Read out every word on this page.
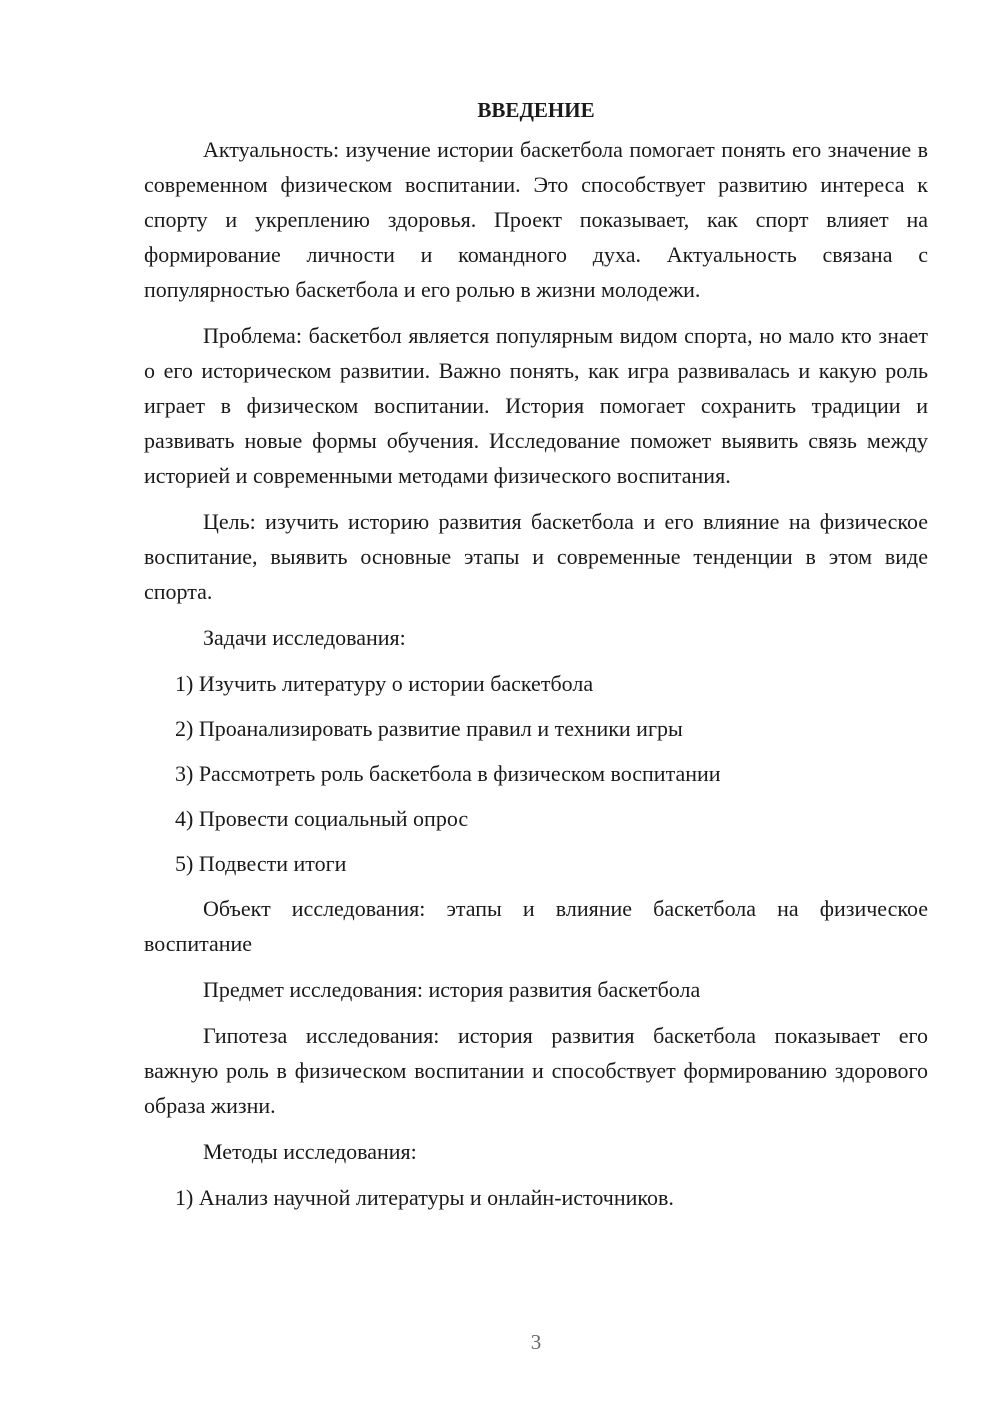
ВВЕДЕНИЕ

Актуальность: изучение истории баскетбола помогает понять его значение в современном физическом воспитании. Это способствует развитию интереса к спорту и укреплению здоровья. Проект показывает, как спорт влияет на формирование личности и командного духа. Актуальность связана с популярностью баскетбола и его ролью в жизни молодежи.

Проблема: баскетбол является популярным видом спорта, но мало кто знает о его историческом развитии. Важно понять, как игра развивалась и какую роль играет в физическом воспитании. История помогает сохранить традиции и развивать новые формы обучения. Исследование поможет выявить связь между историей и современными методами физического воспитания.

Цель: изучить историю развития баскетбола и его влияние на физическое воспитание, выявить основные этапы и современные тенденции в этом виде спорта.

Задачи исследования:

1) Изучить литературу о истории баскетбола

2) Проанализировать развитие правил и техники игры

3) Рассмотреть роль баскетбола в физическом воспитании

4) Провести социальный опрос

5) Подвести итоги

Объект исследования: этапы и влияние баскетбола на физическое воспитание

Предмет исследования: история развития баскетбола

Гипотеза исследования: история развития баскетбола показывает его важную роль в физическом воспитании и способствует формированию здорового образа жизни.

Методы исследования:

1) Анализ научной литературы и онлайн-источников.

3
